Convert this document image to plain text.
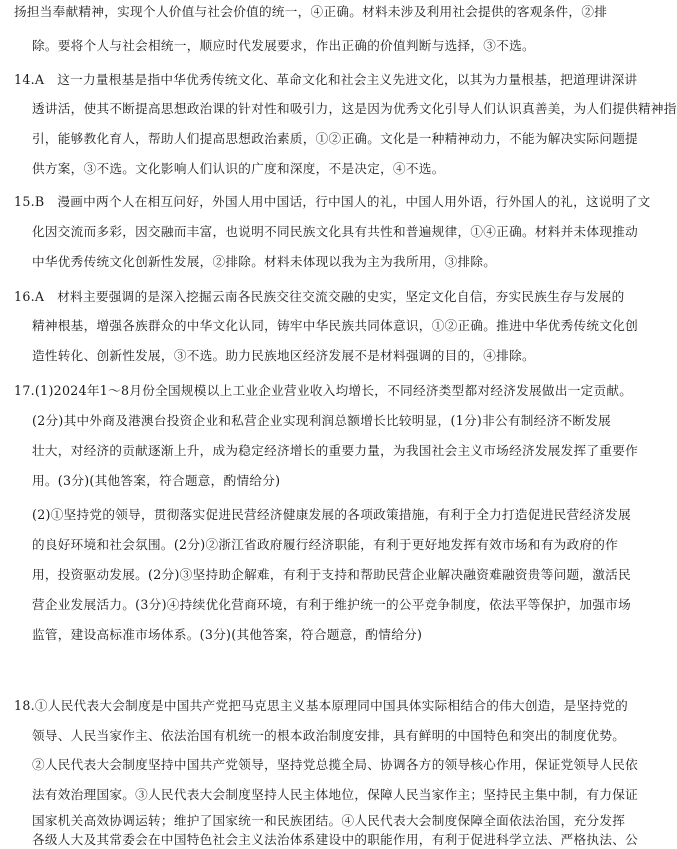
扬担当奉献精神，实现个人价值与社会价值的统一，④正确。材料未涉及利用社会提供的客观条件，②排
除。要将个人与社会相统一，顺应时代发展要求，作出正确的价值判断与选择，③不选。
14.A　这一力量根基是指中华优秀传统文化、革命文化和社会主义先进文化，以其为力量根基，把道理讲深讲
透讲活，使其不断提高思想政治课的针对性和吸引力，这是因为优秀文化引导人们认识真善美，为人们提供精神指
引，能够教化育人，帮助人们提高思想政治素质，①②正确。文化是一种精神动力，不能为解决实际问题提
供方案，③不选。文化影响人们认识的广度和深度，不是决定，④不选。
15.B　漫画中两个人在相互问好，外国人用中国话，行中国人的礼，中国人用外语，行外国人的礼，这说明了文
化因交流而多彩，因交融而丰富，也说明不同民族文化具有共性和普遍规律，①④正确。材料并未体现推动
中华优秀传统文化创新性发展，②排除。材料未体现以我为主为我所用，③排除。
16.A　材料主要强调的是深入挖掘云南各民族交往交流交融的史实，坚定文化自信，夯实民族生存与发展的
精神根基，增强各族群众的中华文化认同，铸牢中华民族共同体意识，①②正确。推进中华优秀传统文化创
造性转化、创新性发展，③不选。助力民族地区经济发展不是材料强调的目的，④排除。
17.(1)2024年1～8月份全国规模以上工业企业营业收入均增长，不同经济类型都对经济发展做出一定贡献。
(2分)其中外商及港澳台投资企业和私营企业实现利润总额增长比较明显，(1分)非公有制经济不断发展
壮大，对经济的贡献逐渐上升，成为稳定经济增长的重要力量，为我国社会主义市场经济发展发挥了重要作
用。(3分)(其他答案，符合题意，酌情给分)
(2)①坚持党的领导，贯彻落实促进民营经济健康发展的各项政策措施，有利于全力打造促进民营经济发展
的良好环境和社会氛围。(2分)②浙江省政府履行经济职能，有利于更好地发挥有效市场和有为政府的作
用，投资驱动发展。(2分)③坚持助企解难，有利于支持和帮助民营企业解决融资难融资贵等问题，激活民
营企业发展活力。(3分)④持续优化营商环境，有利于维护统一的公平竞争制度，依法平等保护，加强市场
监管，建设高标准市场体系。(3分)(其他答案，符合题意，酌情给分)
18.①人民代表大会制度是中国共产党把马克思主义基本原理同中国具体实际相结合的伟大创造，是坚持党的
领导、人民当家作主、依法治国有机统一的根本政治制度安排，具有鲜明的中国特色和突出的制度优势。
②人民代表大会制度坚持中国共产党领导，坚持党总揽全局、协调各方的领导核心作用，保证党领导人民依
法有效治理国家。③人民代表大会制度坚持人民主体地位，保障人民当家作主；坚持民主集中制，有力保证
国家机关高效协调运转；维护了国家统一和民族团结。④人民代表大会制度保障全面依法治国，充分发挥
各级人大及其常委会在中国特色社会主义法治体系建设中的职能作用，有利于促进科学立法、严格执法、公
